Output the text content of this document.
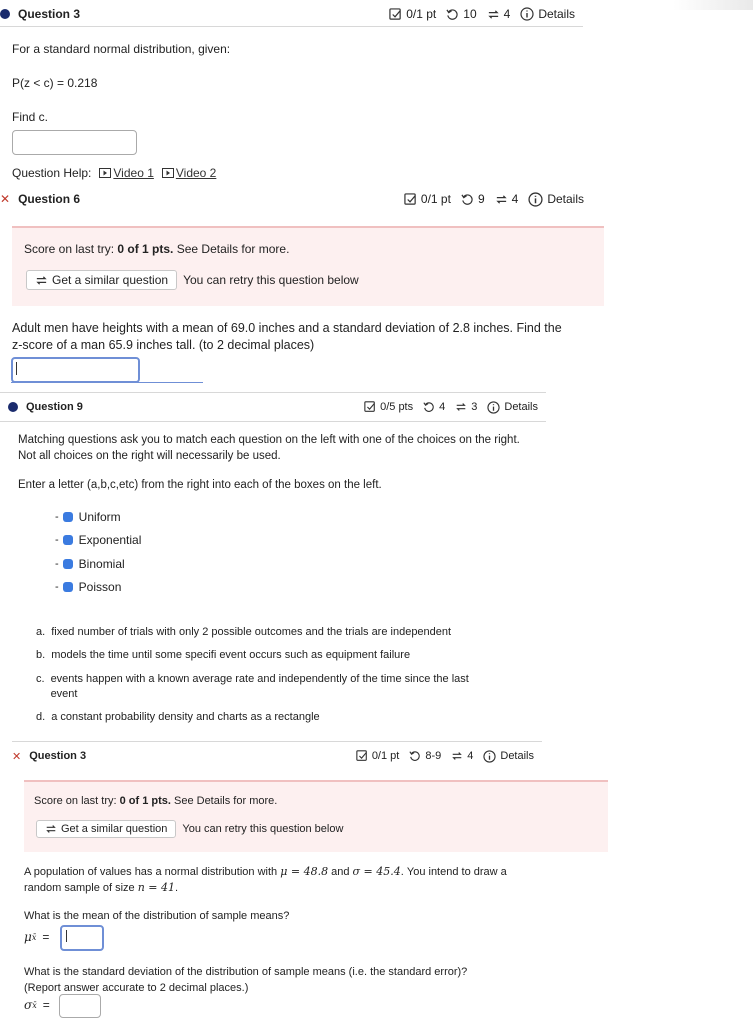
Question 3	0/1 pt 10 4 Details
For a standard normal distribution, given:
P(z < c) = 0.218
Find c.
Question Help: Video 1 Video 2
✕ Question 6	0/1 pt 9 4 Details
Score on last try: 0 of 1 pts. See Details for more.
Get a similar question You can retry this question below
Adult men have heights with a mean of 69.0 inches and a standard deviation of 2.8 inches. Find the
z-score of a man 65.9 inches tall. (to 2 decimal places)
Question 9	0/5 pts 4 3 Details
Matching questions ask you to match each question on the left with one of the choices on the right.
Not all choices on the right will necessarily be used.
Enter a letter (a,b,c,etc) from the right into each of the boxes on the left.
- Uniform
- Exponential
- Binomial
- Poisson
a. fixed number of trials with only 2 possible outcomes and the trials are independent
b. models the time until some specifi event occurs such as equipment failure
c. events happen with a known average rate and independently of the time since the last
event
d. a constant probability density and charts as a rectangle
✕ Question 3	0/1 pt 8-9 4 Details
Score on last try: 0 of 1 pts. See Details for more.
Get a similar question You can retry this question below
A population of values has a normal distribution with μ = 48.8 and σ = 45.4. You intend to draw a
random sample of size n = 41.
What is the mean of the distribution of sample means?
μ x̄ =
What is the standard deviation of the distribution of sample means (i.e. the standard error)?
(Report answer accurate to 2 decimal places.)
σ x̄ =
